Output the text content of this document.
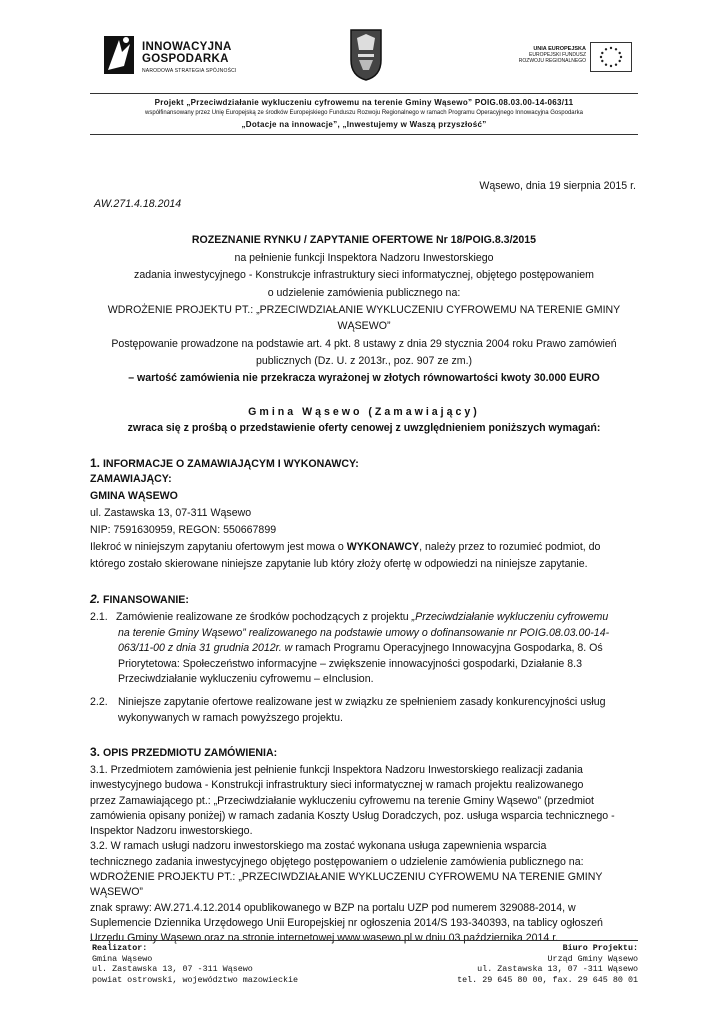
INNOWACYJNA
GOSPODARKA
NARODOWA STRATEGIA SPÓJNOŚCI
UNIA EUROPEJSKA
EUROPEJSKI FUNDUSZ
ROZWOJU REGIONALNEGO
Projekt „Przeciwdziałanie wykluczeniu cyfrowemu na terenie Gminy Wąsewo” POIG.08.03.00-14-063/11
współfinansowany przez Unię Europejską ze środków Europejskiego Funduszu Rozwoju Regionalnego w ramach Programu Operacyjnego Innowacyjna Gospodarka
„Dotacje na innowacje”, „Inwestujemy w Waszą przyszłość”
Wąsewo, dnia 19 sierpnia 2015 r.
AW.271.4.18.2014
ROZEZNANIE RYNKU / ZAPYTANIE OFERTOWE Nr 18/POIG.8.3/2015
na pełnienie funkcji Inspektora Nadzoru Inwestorskiego
zadania inwestycyjnego - Konstrukcje infrastruktury sieci informatycznej, objętego postępowaniem
o udzielenie zamówienia publicznego na:
WDROŻENIE PROJEKTU PT.: „PRZECIWDZIAŁANIE WYKLUCZENIU CYFROWEMU NA TERENIE GMINY WĄSEWO”
Postępowanie prowadzone na podstawie art. 4 pkt. 8 ustawy z dnia 29 stycznia 2004 roku Prawo zamówień
publicznych (Dz. U. z 2013r., poz. 907 ze zm.)
– wartość zamówienia nie przekracza wyrażonej w złotych równowartości kwoty 30.000 EURO
Gmina Wąsewo (Zamawiający)
zwraca się z prośbą o przedstawienie oferty cenowej z uwzględnieniem poniższych wymagań:
1. INFORMACJE O ZAMAWIAJĄCYM I WYKONAWCY:
ZAMAWIAJĄCY:
GMINA WĄSEWO
ul. Zastawska 13, 07-311 Wąsewo
NIP: 7591630959, REGON: 550667899
Ilekroć w niniejszym zapytaniu ofertowym jest mowa o WYKONAWCY, należy przez to rozumieć podmiot, do
którego zostało skierowane niniejsze zapytanie lub który złoży ofertę w odpowiedzi na niniejsze zapytanie.
2. FINANSOWANIE:
2.1. Zamówienie realizowane ze środków pochodzących z projektu „Przeciwdziałanie wykluczeniu cyfrowemu
na terenie Gminy Wąsewo” realizowanego na podstawie umowy o dofinansowanie nr POIG.08.03.00-14-
063/11-00 z dnia 31 grudnia 2012r. w ramach Programu Operacyjnego Innowacyjna Gospodarka, 8. Oś
Priorytetowa: Społeczeństwo informacyjne – zwiększenie innowacyjności gospodarki, Działanie 8.3
Przeciwdziałanie wykluczeniu cyfrowemu – eInclusion.
2.2. Niniejsze zapytanie ofertowe realizowane jest w związku ze spełnieniem zasady konkurencyjności usług
wykonywanych w ramach powyższego projektu.
3. OPIS PRZEDMIOTU ZAMÓWIENIA:
3.1. Przedmiotem zamówienia jest pełnienie funkcji Inspektora Nadzoru Inwestorskiego realizacji zadania
inwestycyjnego budowa - Konstrukcji infrastruktury sieci informatycznej w ramach projektu realizowanego
przez Zamawiającego pt.: „Przeciwdziałanie wykluczeniu cyfrowemu na terenie Gminy Wąsewo” (przedmiot
zamówienia opisany poniżej) w ramach zadania Koszty Usług Doradczych, poz. usługa wsparcia technicznego -
Inspektor Nadzoru inwestorskiego.
3.2. W ramach usługi nadzoru inwestorskiego ma zostać wykonana usługa zapewnienia wsparcia
technicznego zadania inwestycyjnego objętego postępowaniem o udzielenie zamówienia publicznego na:
WDROŻENIE PROJEKTU PT.: „PRZECIWDZIAŁANIE WYKLUCZENIU CYFROWEMU NA TERENIE GMINY WĄSEWO”
znak sprawy: AW.271.4.12.2014 opublikowanego w BZP na portalu UZP pod numerem 329088-2014, w
Suplemencie Dziennika Urzędowego Unii Europejskiej nr ogłoszenia 2014/S 193-340393, na tablicy ogłoszeń
Urzędu Gminy Wąsewo oraz na stronie internetowej www.wasewo.pl w dniu 03 października 2014 r.
Realizator:
Gmina Wąsewo
ul. Zastawska 13, 07 -311 Wąsewo
powiat ostrowski, województwo mazowieckie
Biuro Projektu:
Urząd Gminy Wąsewo
ul. Zastawska 13, 07 -311 Wąsewo
tel. 29 645 80 00, fax. 29 645 80 01
